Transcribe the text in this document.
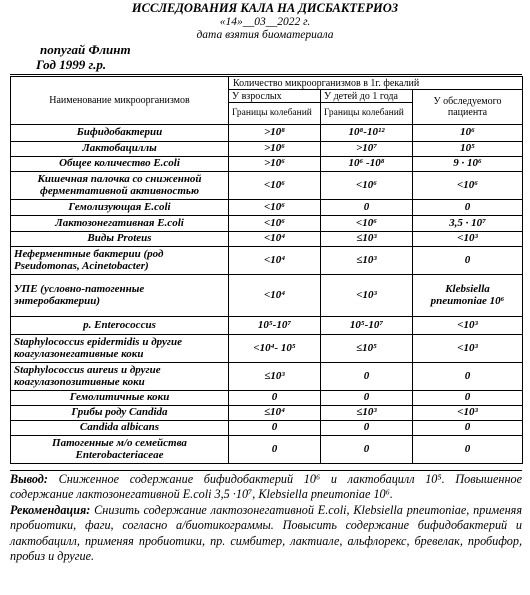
ИССЛЕДОВАНИЯ КАЛА НА ДИСБАКТЕРИОЗ
«14»__03__2022 г.
дата взятия биоматериала
попугай Флинт
Год 1999 г.р.
Наименование микроорганизмов	Количество микроорганизмов в 1г. фекалий		
	У взрослых	У детей до 1 года	У обследуемого пациента
	Границы колебаний	Границы колебаний	
Бифидобактерии	>10⁸	10⁸-10¹²	10⁶
Лактобациллы	>10⁶	>10⁷	10⁵
Общее количество E.coli	>10⁶	10⁶ -10⁸	9 · 10⁶
Кишечная палочка со сниженной ферментативной активностью	<10⁶	<10⁶	<10⁶
Гемолизующая E.coli	<10⁶	0	0
Лактозонегативная E.coli	<10⁶	<10⁶	3,5 · 10⁷
Виды Proteus	<10⁴	≤10³	<10³
Неферментные бактерии (род Pseudomonas, Acinetobacter)	<10⁴	≤10³	0
УПЕ (условно-патогенные энтеробактерии)	<10⁴	<10³	Klebsiella pneumoniae 10⁶
p. Enterococcus	10⁵-10⁷	10⁵-10⁷	<10³
Staphylococcus epidermidis и другие коагулазонегативные коки	<10⁴- 10⁵	≤10⁵	<10³
Staphylococcus aureus и другие коагулазопозитивные коки	≤10³	0	0
Гемолитичные коки	0	0	0
Грибы роду Candida	≤10⁴	≤10³	<10³
Candida albicans	0	0	0
Патогенные м/о семейства Enterobacteriaceae	0	0	0

Вывод: Сниженное содержание бифидобактерий 10⁶ и лактобацилл 10⁵. Повышенное содержание лактозонегативной E.coli 3,5 ·10⁷, Klebsiella pneumoniae 10⁶.

Рекомендация: Снизить содержание лактозонегативной E.coli, Klebsiella pneumoniae, применяя пробиотики, фаги, согласно а/биотикограммы. Повысить содержание бифидобактерий и лактобацилл, применяя пробиотики, пр. симбитер, лактиале, альфлорекс, бревелак, пробифор, пробиз и другие.
